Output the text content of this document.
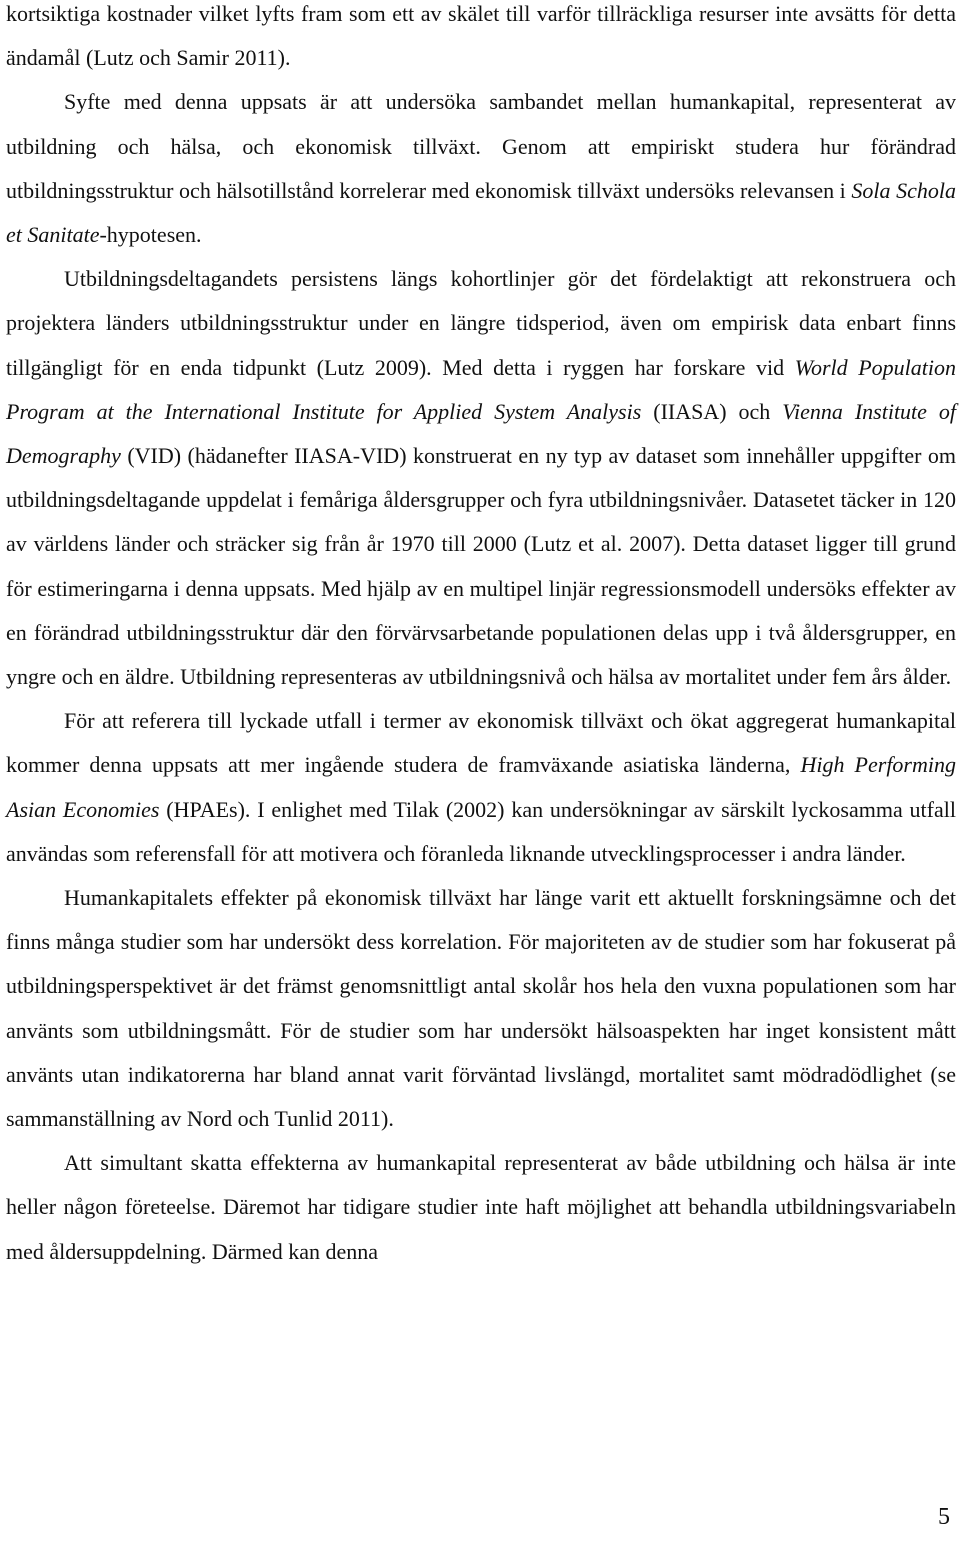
kortsiktiga kostnader vilket lyfts fram som ett av skälet till varför tillräckliga resurser inte avsätts för detta ändamål (Lutz och Samir 2011).

Syfte med denna uppsats är att undersöka sambandet mellan humankapital, representerat av utbildning och hälsa, och ekonomisk tillväxt. Genom att empiriskt studera hur förändrad utbildningsstruktur och hälsotillstånd korrelerar med ekonomisk tillväxt undersöks relevansen i Sola Schola et Sanitate-hypotesen.

Utbildningsdeltagandets persistens längs kohortlinjer gör det fördelaktigt att rekonstruera och projektera länders utbildningsstruktur under en längre tidsperiod, även om empirisk data enbart finns tillgängligt för en enda tidpunkt (Lutz 2009). Med detta i ryggen har forskare vid World Population Program at the International Institute for Applied System Analysis (IIASA) och Vienna Institute of Demography (VID) (hädanefter IIASA-VID) konstruerat en ny typ av dataset som innehåller uppgifter om utbildningsdeltagande uppdelat i femåriga åldersgrupper och fyra utbildningsnivåer. Datasetet täcker in 120 av världens länder och sträcker sig från år 1970 till 2000 (Lutz et al. 2007). Detta dataset ligger till grund för estimeringarna i denna uppsats. Med hjälp av en multipel linjär regressionsmodell undersöks effekter av en förändrad utbildningsstruktur där den förvärvsarbetande populationen delas upp i två åldersgrupper, en yngre och en äldre. Utbildning representeras av utbildningsnivå och hälsa av mortalitet under fem års ålder.

För att referera till lyckade utfall i termer av ekonomisk tillväxt och ökat aggregerat humankapital kommer denna uppsats att mer ingående studera de framväxande asiatiska länderna, High Performing Asian Economies (HPAEs). I enlighet med Tilak (2002) kan undersökningar av särskilt lyckosamma utfall användas som referensfall för att motivera och föranleda liknande utvecklingsprocesser i andra länder.

Humankapitalets effekter på ekonomisk tillväxt har länge varit ett aktuellt forskningsämne och det finns många studier som har undersökt dess korrelation. För majoriteten av de studier som har fokuserat på utbildningsperspektivet är det främst genomsnittligt antal skolår hos hela den vuxna populationen som har använts som utbildningsmått. För de studier som har undersökt hälsoaspekten har inget konsistent mått använts utan indikatorerna har bland annat varit förväntad livslängd, mortalitet samt mödradödlighet (se sammanställning av Nord och Tunlid 2011).

Att simultant skatta effekterna av humankapital representerat av både utbildning och hälsa är inte heller någon företeelse. Däremot har tidigare studier inte haft möjlighet att behandla utbildningsvariabeln med åldersuppdelning. Därmed kan denna

5
